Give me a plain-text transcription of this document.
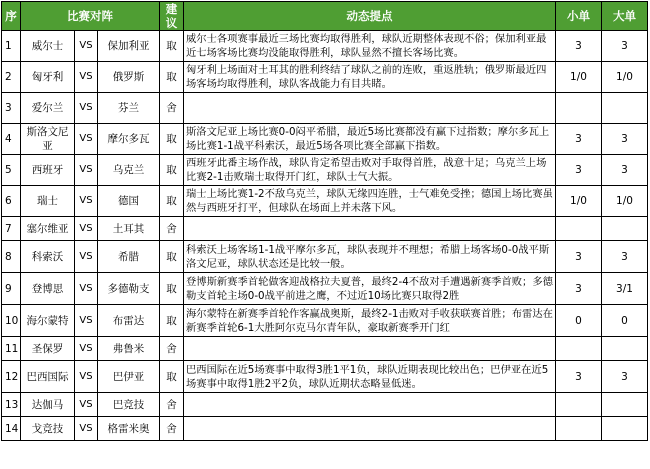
序	比赛对阵			建议	动态提点	小单	大单
1	威尔士	VS	保加利亚	取	威尔士各项赛事最近三场比赛均取得胜利，球队近期整体表现不俗；保加利亚最近七场客场比赛均没能取得胜利，球队显然不擅长客场比赛。	3	3
2	匈牙利	VS	俄罗斯	取	匈牙利上场面对土耳其的胜利终结了球队之前的连败，重返胜轨；俄罗斯最近四场客场均取得胜利，球队客战能力有目共睹。	1/0	1/0
3	爱尔兰	VS	芬兰	舍			
4	斯洛文尼亚	VS	摩尔多瓦	取	斯洛文尼亚上场比赛0-0闷平希腊，最近5场比赛都没有赢下过指数；摩尔多瓦上场比赛1-1战平科索沃，最近5场各项比赛全部赢下指数。	3	3
5	西班牙	VS	乌克兰	取	西班牙此番主场作战，球队肯定希望击败对手取得首胜，战意十足；乌克兰上场比赛2-1击败瑞士取得开门红，球队士气大振。	3	3
6	瑞士	VS	德国	取	瑞士上场比赛1-2不敌乌克兰，球队无缘四连胜，士气难免受挫；德国上场比赛虽然与西班牙打平，但球队在场面上并未落下风。	1/0	1/0
7	塞尔维亚	VS	土耳其	舍			
8	科索沃	VS	希腊	取	科索沃上场客场1-1战平摩尔多瓦，球队表现并不理想；希腊上场客场0-0战平斯洛文尼亚，球队状态还是比较一般。	3	3
9	登博思	VS	多德勒支	取	登博斯新赛季首轮做客迎战格拉夫夏普，最终2-4不敌对手遭遇新赛季首败；多德勒支首轮主场0-0战平前进之鹰，不过近10场比赛只取得2胜	3	3/1
10	海尔蒙特	VS	布雷达	取	海尔蒙特在新赛季首轮作客赢战奥斯，最终2-1击败对手收获联赛首胜；布雷达在新赛季首轮6-1大胜阿尔克马尔青年队，豪取新赛季开门红	0	0
11	圣保罗	VS	弗鲁米	舍			
12	巴西国际	VS	巴伊亚	取	巴西国际在近5场赛事中取得3胜1平1负，球队近期表现比较出色；巴伊亚在近5场赛事中取得1胜2平2负，球队近期状态略显低迷。	3	3
13	达伽马	VS	巴竞技	舍			
14	戈竞技	VS	格雷米奥	舍			
